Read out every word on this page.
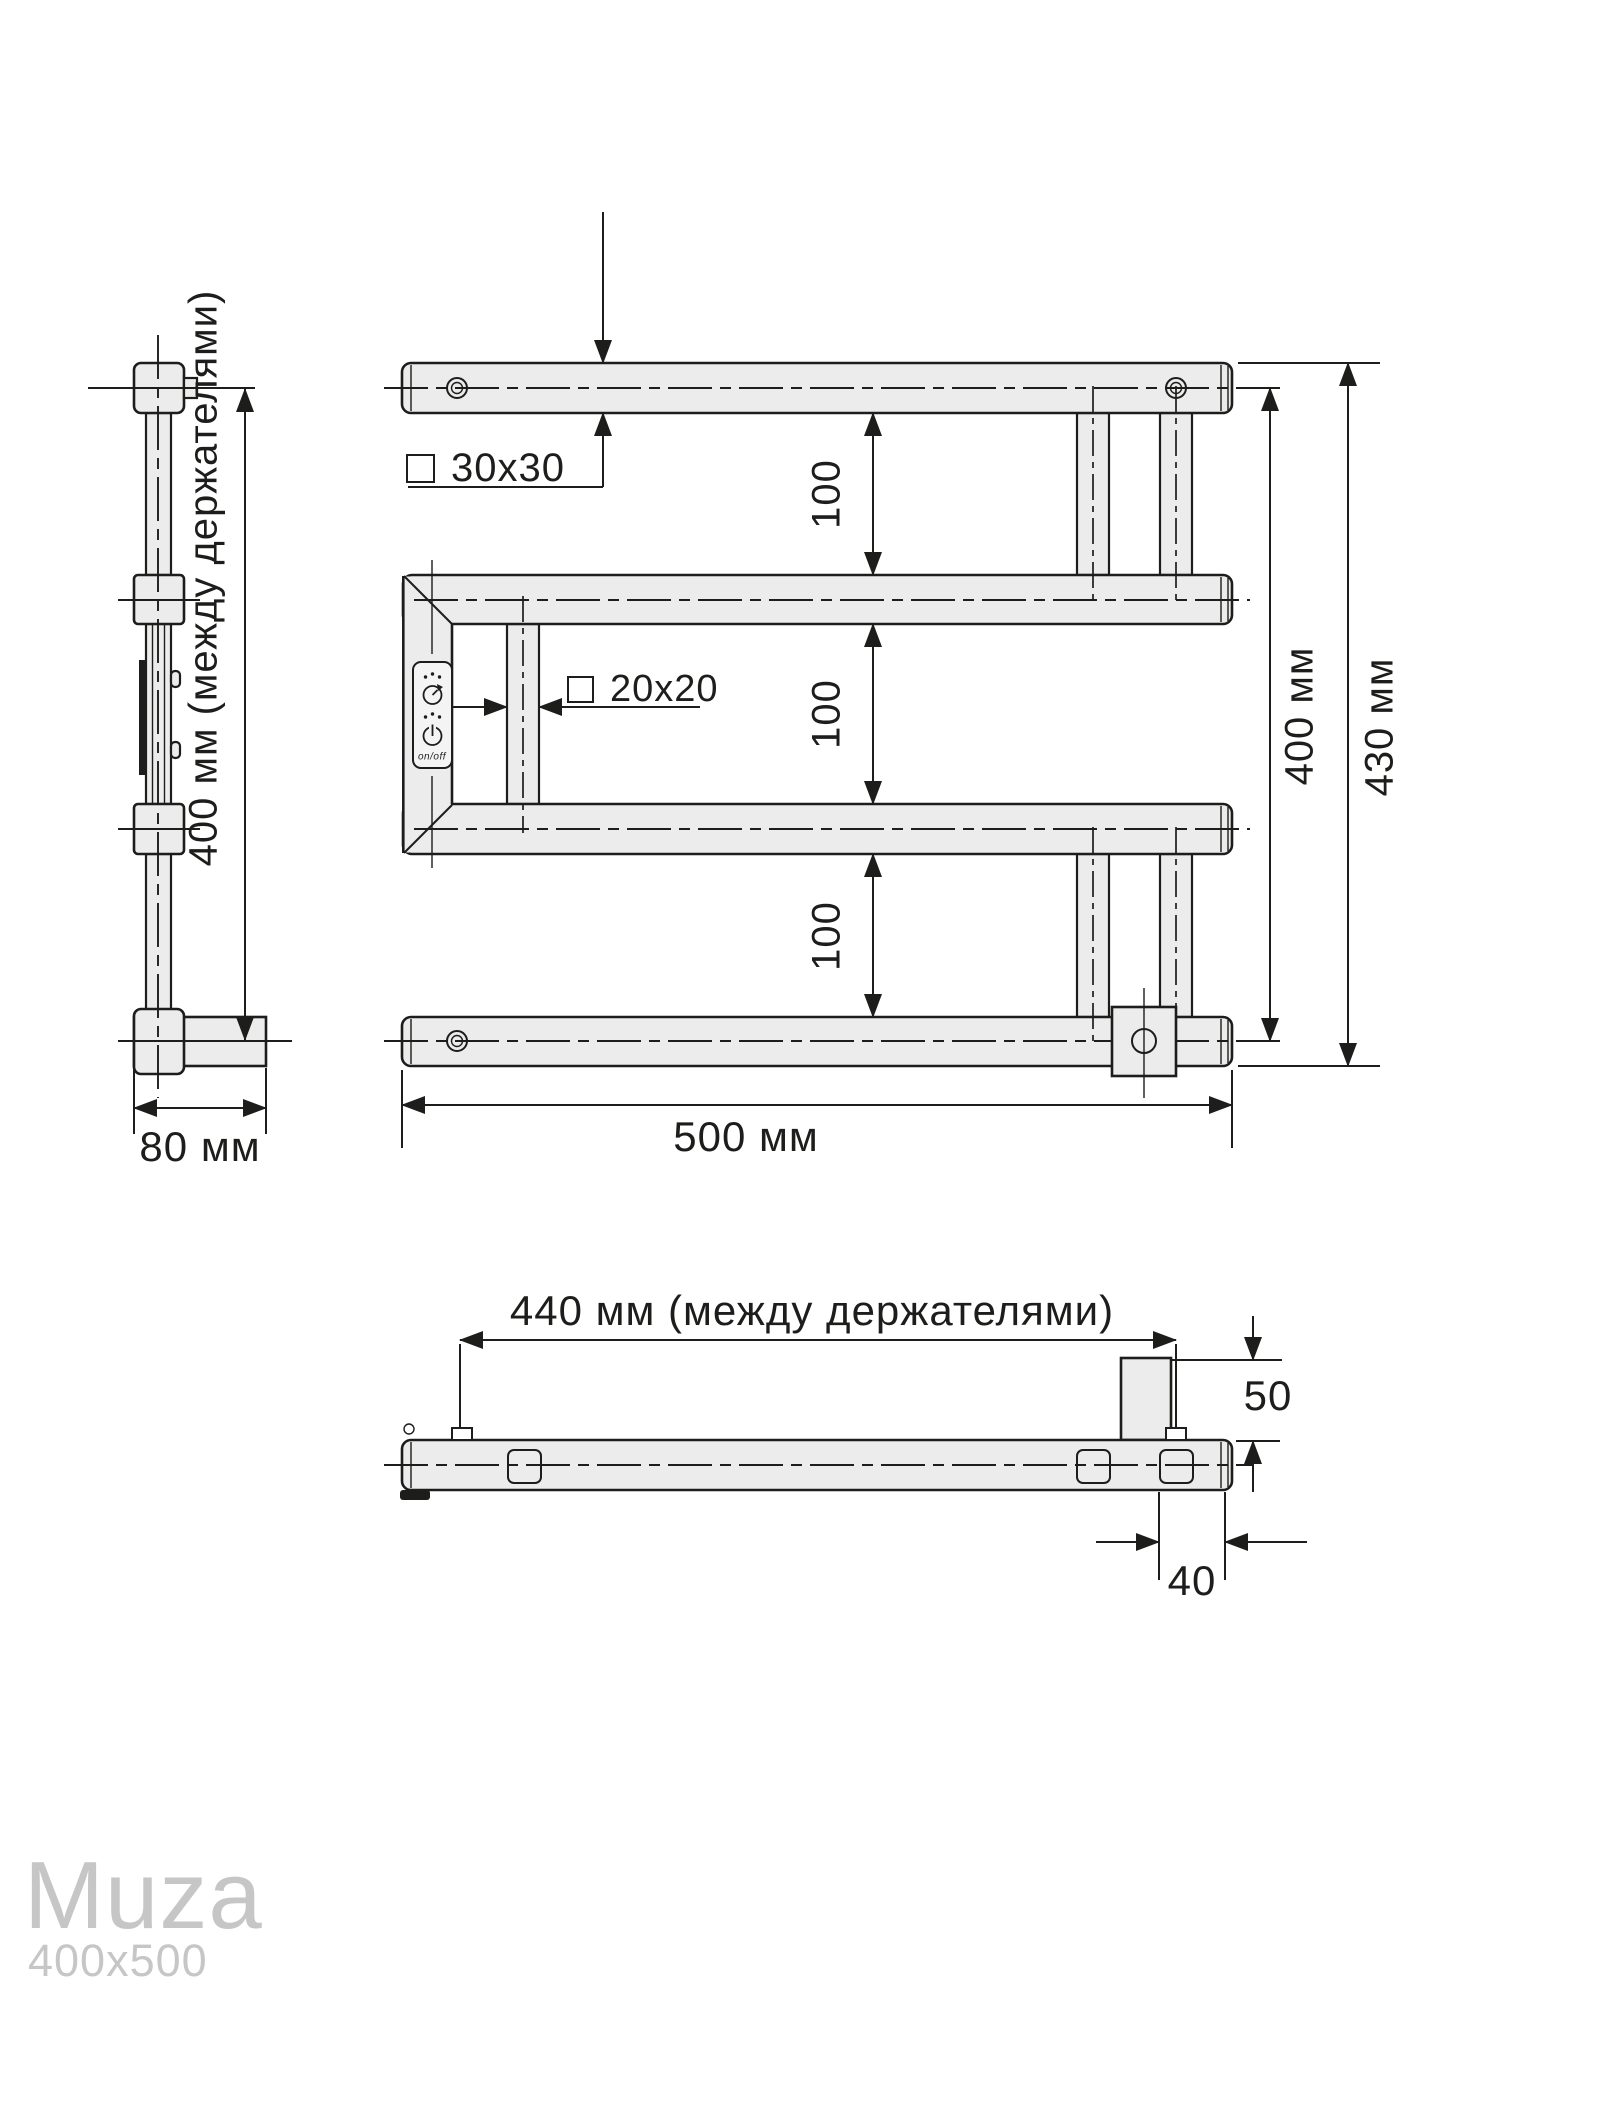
400 мм (между держателями)
80 мм
30x30
20x20
100
100
100
400 мм 430 мм
500 мм
440 мм (между держателями)
50
40
on/off
Muza
400x500
